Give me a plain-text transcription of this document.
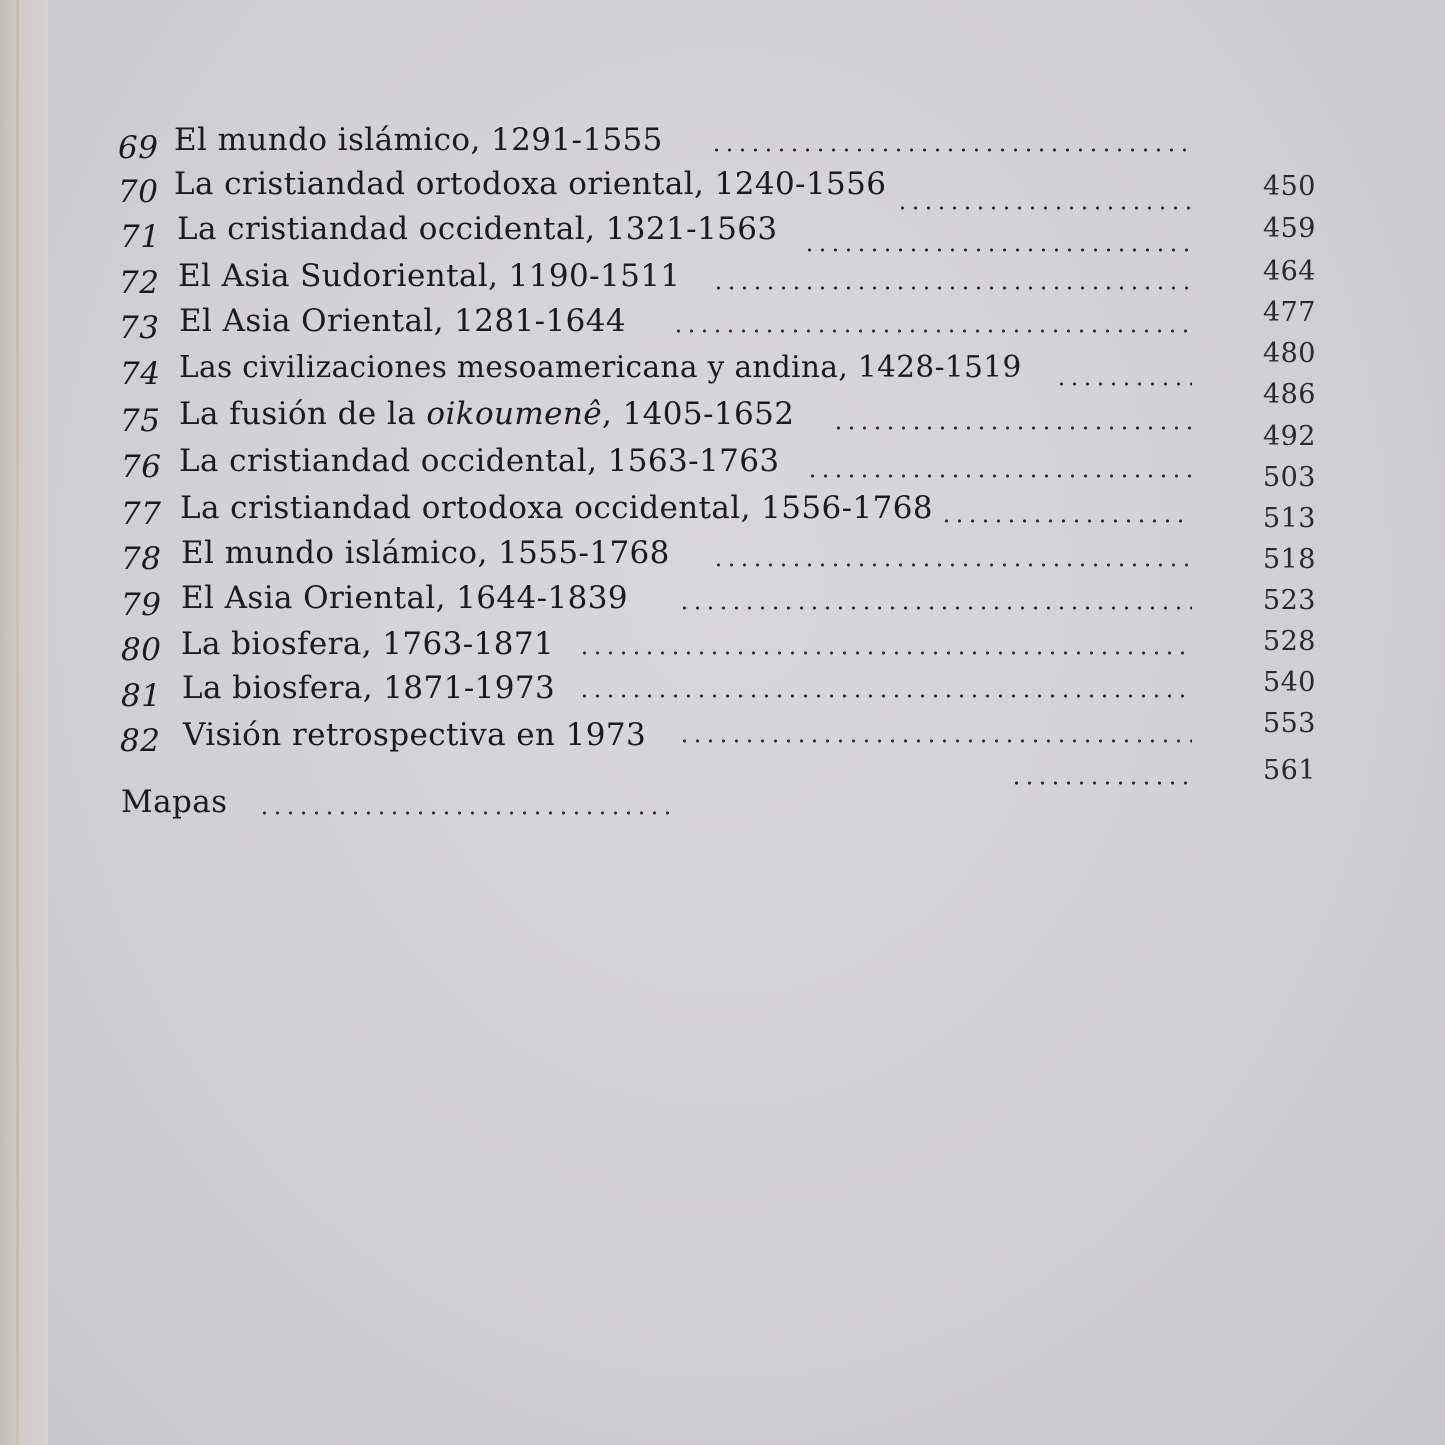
69 El mundo islámico, 1291-1555
70 La cristiandad ortodoxa oriental, 1240-1556
71 La cristiandad occidental, 1321-1563
72 El Asia Sudoriental, 1190-1511
73 El Asia Oriental, 1281-1644
74 Las civilizaciones mesoamericana y andina, 1428-1519
75 La fusión de la oikoumenê, 1405-1652
76 La cristiandad occidental, 1563-1763
77 La cristiandad ortodoxa occidental, 1556-1768
78 El mundo islámico, 1555-1768
79 El Asia Oriental, 1644-1839
80 La biosfera, 1763-1871
81 La biosfera, 1871-1973
82 Visión retrospectiva en 1973
Mapas
450
459
464
477
480
486
492
503
513
518
523
528
540
553
561
